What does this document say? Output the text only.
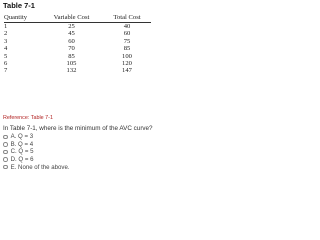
Table 7-1
Quantity	Variable Cost	Total Cost
1	25	40
2	45	60
3	60	75
4	70	85
5	85	100
6	105	120
7	132	147
Reference: Table 7-1
In Table 7-1, where is the minimum of the AVC curve?
A. Q = 3
B. Q = 4
C. Q = 5
D. Q = 6
E. None of the above.
